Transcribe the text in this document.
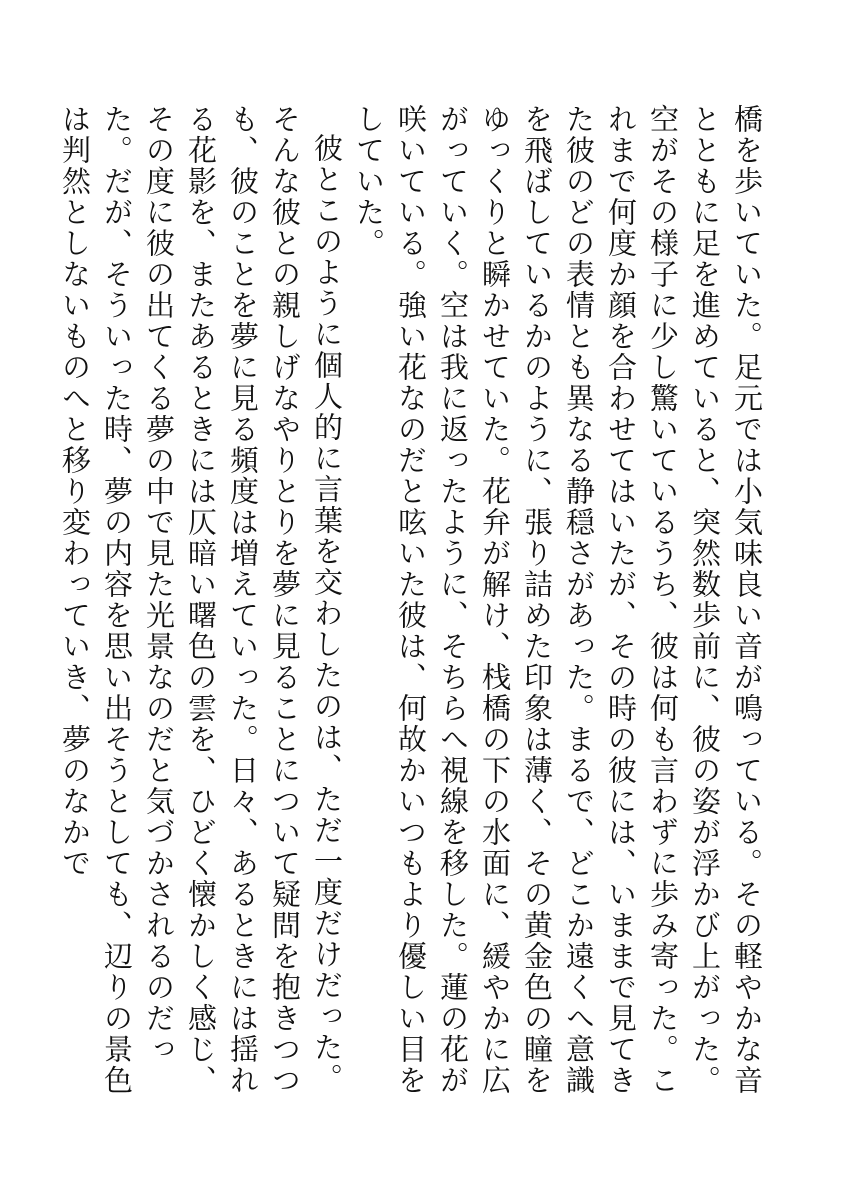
橋を歩いていた。足元では小気味良い音が鳴っている。その軽やかな音とともに足を進めていると、突然数歩前に、彼の姿が浮かび上がった。空がその様子に少し驚いているうち、彼は何も言わずに歩み寄った。これまで何度か顔を合わせてはいたが、その時の彼には、いままで見てきた彼のどの表情とも異なる静穏さがあった。まるで、どこか遠くへ意識を飛ばしているかのように、張り詰めた印象は薄く、その黄金色の瞳をゆっくりと瞬かせていた。花弁が解け、栈橋の下の水面に、緩やかに広がっていく。空は我に返ったように、そちらへ視線を移した。蓮の花が咲いている。強い花なのだと呟いた彼は、何故かいつもより優しい目をしていた。

彼とこのように個人的に言葉を交わしたのは、ただ一度だけだった。そんな彼との親しげなやりとりを夢に見ることについて疑問を抱きつつも、彼のことを夢に見る頻度は増えていった。日々、あるときには揺れる花影を、またあるときには仄暗い曙色の雲を、ひどく懐かしく感じ、その度に彼の出てくる夢の中で見た光景なのだと気づかされるのだった。だが、そういった時、夢の内容を思い出そうとしても、辺りの景色は判然としないものへと移り変わっていき、夢のなかで
